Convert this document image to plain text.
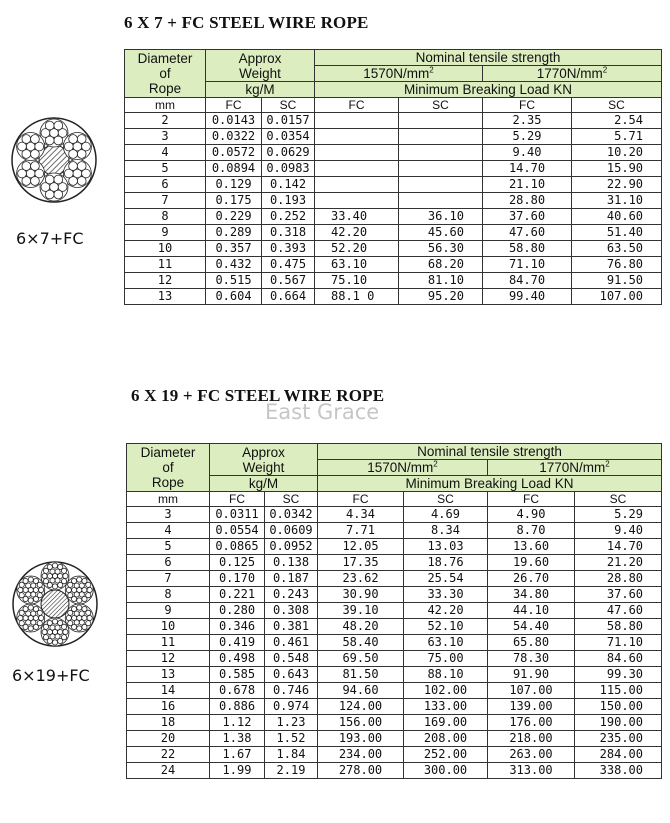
6 X 7 + FC STEEL WIRE ROPE
6×7+FC
Diameter
of
Rope	Approx
Weight		Nominal tensile strength			
			$1570N/mm^2$		$1770N/mm^2$
	kg/M		Minimum Breaking Load KN			
mm	FC	SC	FC	SC	FC	SC
2	0.0143	0.0157			2.35	2.54
3	0.0322	0.0354			5.29	5.71
4	0.0572	0.0629			9.40	10.20
5	0.0894	0.0983			14.70	15.90
6	0.129	0.142			21.10	22.90
7	0.175	0.193			28.80	31.10
8	0.229	0.252	33.40	36.10	37.60	40.60
9	0.289	0.318	42.20	45.60	47.60	51.40
10	0.357	0.393	52.20	56.30	58.80	63.50
11	0.432	0.475	63.10	68.20	71.10	76.80
12	0.515	0.567	75.10	81.10	84.70	91.50
13	0.604	0.664	88.1 0	95.20	99.40	107.00
6 X 19 + FC STEEL WIRE ROPE
East Grace
6×19+FC
Diameter
of
Rope	Approx
Weight		Nominal tensile strength			
			$1570N/mm^2$		$1770N/mm^2$
	kg/M		Minimum Breaking Load KN			
mm	FC	SC	FC	SC	FC	SC
3	0.0311	0.0342	4.34	4.69	4.90	5.29
4	0.0554	0.0609	7.71	8.34	8.70	9.40
5	0.0865	0.0952	12.05	13.03	13.60	14.70
6	0.125	0.138	17.35	18.76	19.60	21.20
7	0.170	0.187	23.62	25.54	26.70	28.80
8	0.221	0.243	30.90	33.30	34.80	37.60
9	0.280	0.308	39.10	42.20	44.10	47.60
10	0.346	0.381	48.20	52.10	54.40	58.80
11	0.419	0.461	58.40	63.10	65.80	71.10
12	0.498	0.548	69.50	75.00	78.30	84.60
13	0.585	0.643	81.50	88.10	91.90	99.30
14	0.678	0.746	94.60	102.00	107.00	115.00
16	0.886	0.974	124.00	133.00	139.00	150.00
18	1.12	1.23	156.00	169.00	176.00	190.00
20	1.38	1.52	193.00	208.00	218.00	235.00
22	1.67	1.84	234.00	252.00	263.00	284.00
24	1.99	2.19	278.00	300.00	313.00	338.00
